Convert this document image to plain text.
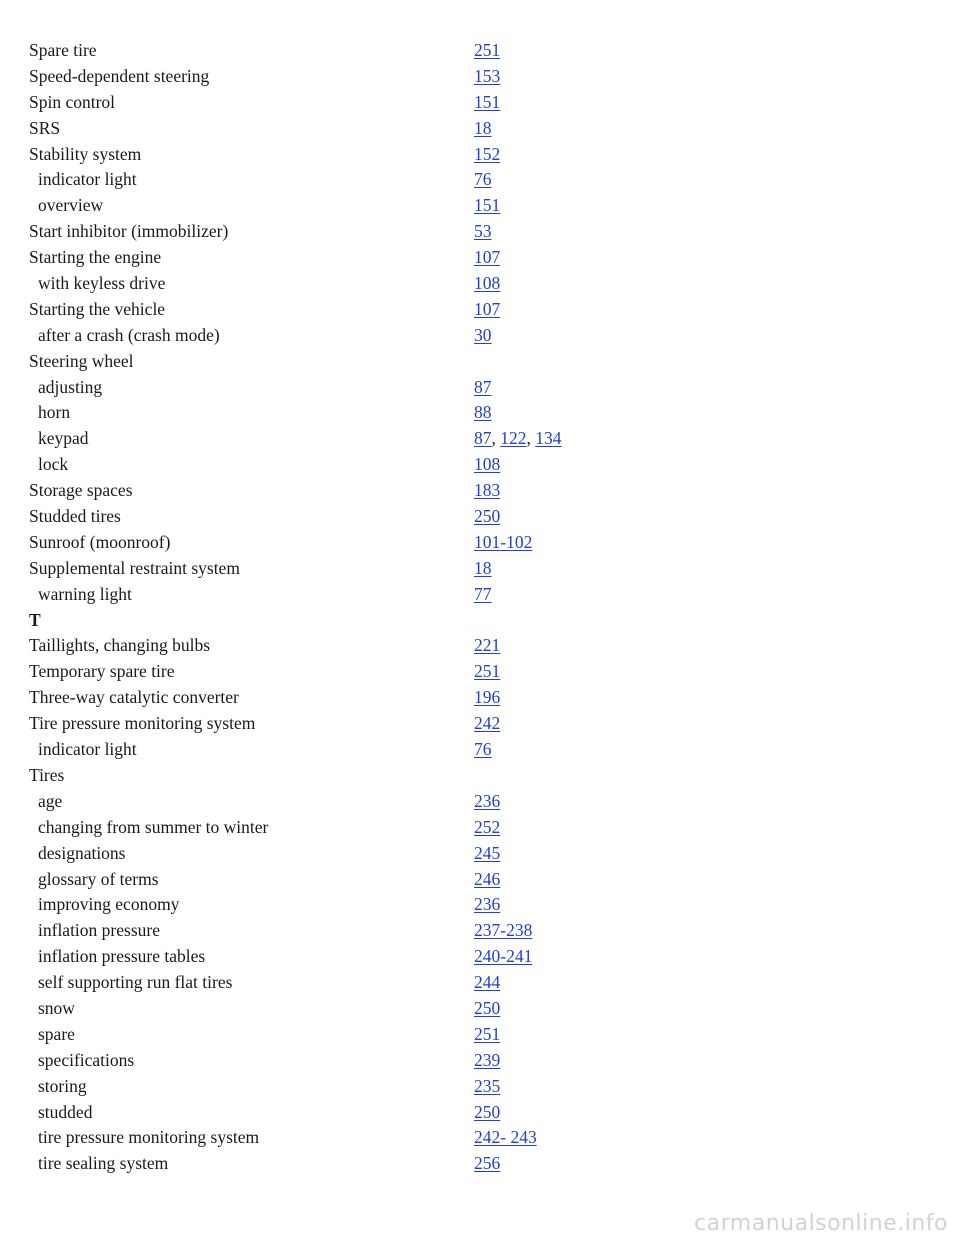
Spare tire	251
Speed-dependent steering	153
Spin control	151
SRS	18
Stability system	152
indicator light	76
overview	151
Start inhibitor (immobilizer)	53
Starting the engine	107
with keyless drive	108
Starting the vehicle	107
after a crash (crash mode)	30
Steering wheel
adjusting	87
horn	88
keypad	87, 122, 134
lock	108
Storage spaces	183
Studded tires	250
Sunroof (moonroof)	101-102
Supplemental restraint system	18
warning light	77
T
Taillights, changing bulbs	221
Temporary spare tire	251
Three-way catalytic converter	196
Tire pressure monitoring system	242
indicator light	76
Tires
age	236
changing from summer to winter	252
designations	245
glossary of terms	246
improving economy	236
inflation pressure	237-238
inflation pressure tables	240-241
self supporting run flat tires	244
snow	250
spare	251
specifications	239
storing	235
studded	250
tire pressure monitoring system	242- 243
tire sealing system	256
carmanualsonline.info
